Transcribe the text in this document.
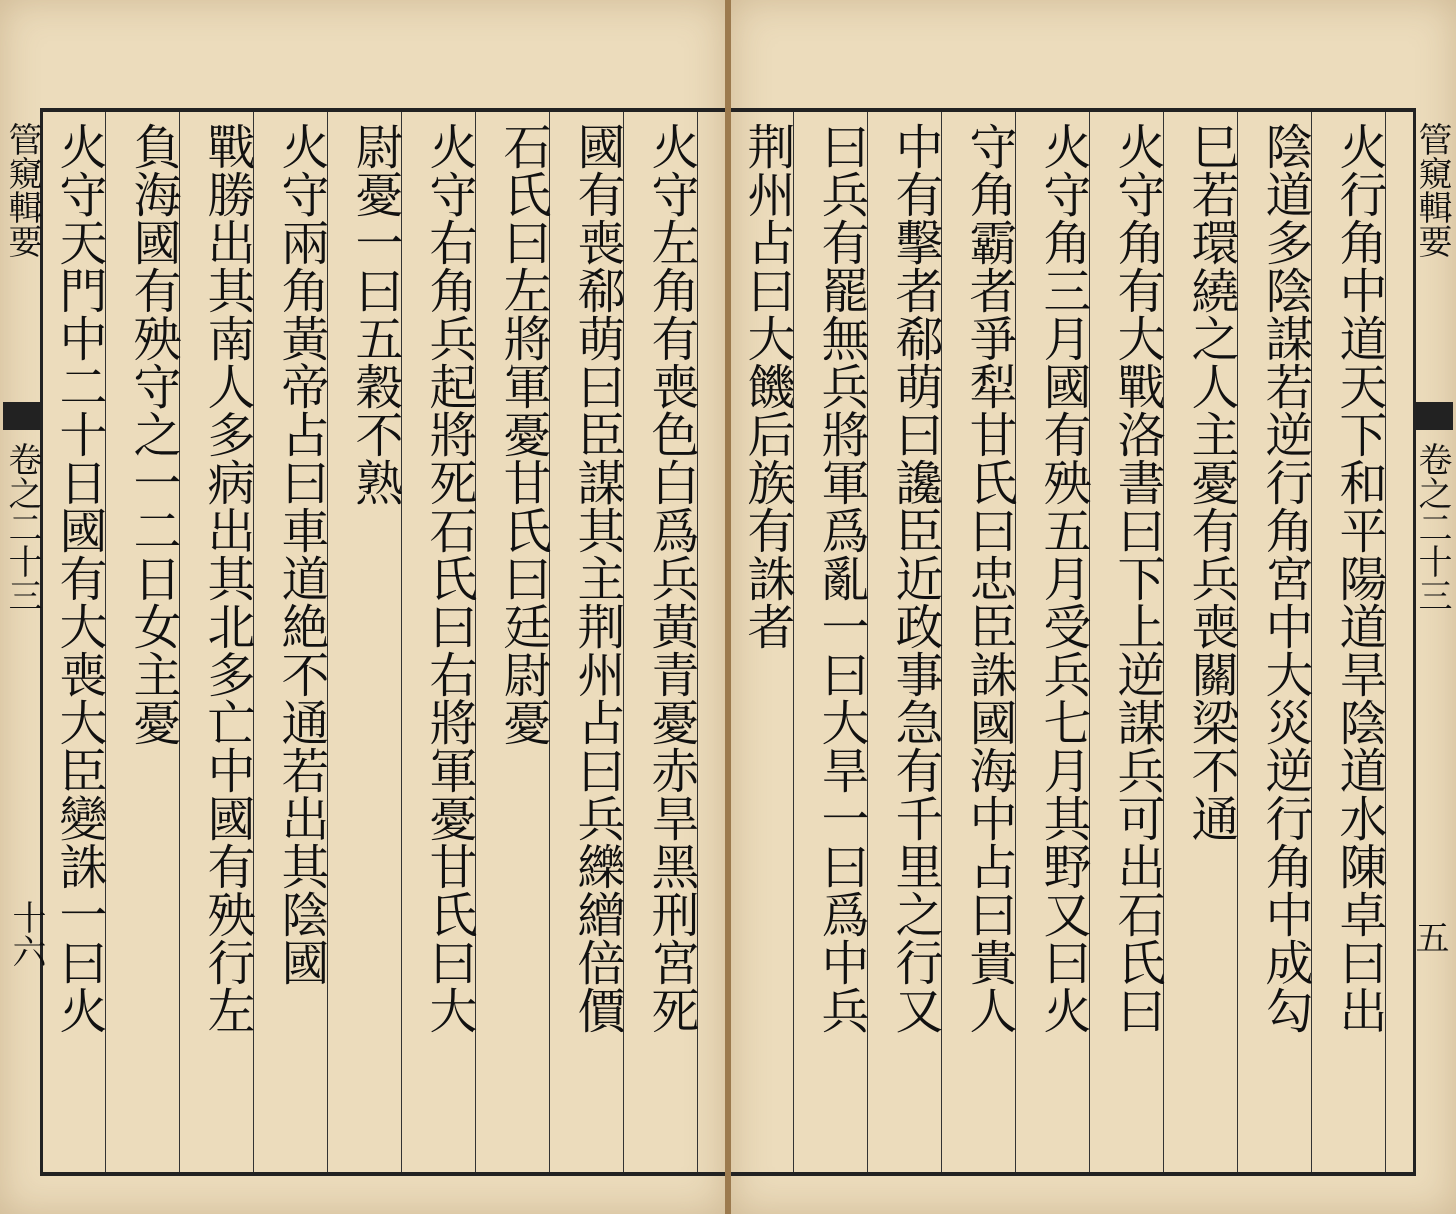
管窺輯要
卷之二十三 火守天門中二十日國有大喪大臣變誅一曰火 負海國有殃守之一二日女主憂 戰勝出其南人多病出其北多亡中國有殃行左 火守兩角黃帝占曰車道絶不通若出其陰國 尉憂一曰五穀不熟 火守右角兵起將死石氏曰右將軍憂甘氏曰大 石氏曰左將軍憂甘氏曰廷尉憂 國有喪郗萌曰臣謀其主荆州占曰兵纅繒倍價 火守左角有喪色白爲兵黃青憂赤旱黑刑宮死
十六
荆州占曰大饑后族有誅者 曰兵有罷無兵將軍爲亂一曰大旱一曰爲中兵 中有擊者郗萌曰讒臣近政事急有千里之行又 守角霸者爭犁甘氏曰忠臣誅國海中占曰貴人 火守角三月國有殃五月受兵七月其野又曰火 火守角有大戰洛書曰下上逆謀兵可出石氏曰 巳若環繞之人主憂有兵喪關梁不通 陰道多陰謀若逆行角宮中大災逆行角中成勾 火行角中道天下和平陽道旱陰道水陳卓曰出 管窺輯要
卷之二十三
五
